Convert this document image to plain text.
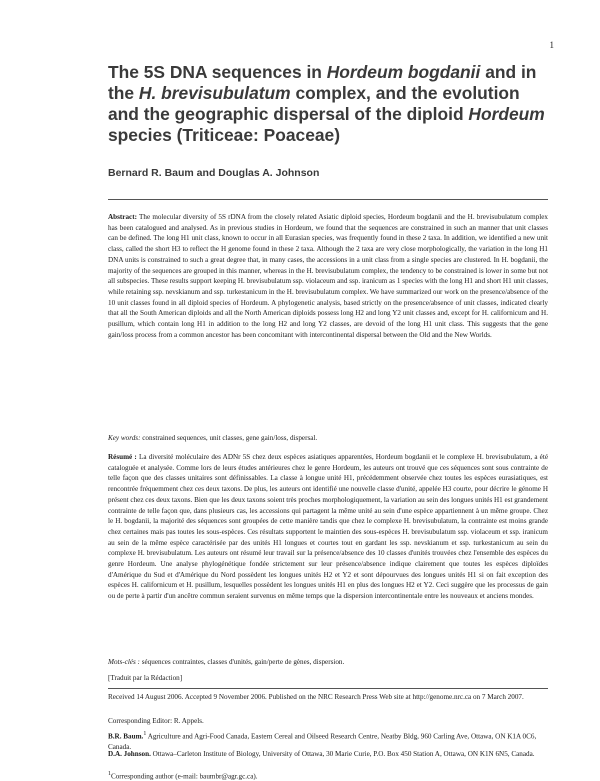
1
The 5S DNA sequences in Hordeum bogdanii and in the H. brevisubulatum complex, and the evolution and the geographic dispersal of the diploid Hordeum species (Triticeae: Poaceae)
Bernard R. Baum and Douglas A. Johnson
Abstract: The molecular diversity of 5S rDNA from the closely related Asiatic diploid species, Hordeum bogdanii and the H. brevisubulatum complex has been catalogued and analysed. As in previous studies in Hordeum, we found that the sequences are constrained in such an manner that unit classes can be defined. The long H1 unit class, known to occur in all Eurasian species, was frequently found in these 2 taxa. In addition, we identified a new unit class, called the short H3 to reflect the H genome found in these 2 taxa. Although the 2 taxa are very close morphologically, the variation in the long H1 DNA units is constrained to such a great degree that, in many cases, the accessions in a unit class from a single species are clustered. In H. bogdanii, the majority of the sequences are grouped in this manner, whereas in the H. brevisubulatum complex, the tendency to be constrained is lower in some but not all subspecies. These results support keeping H. brevisubulatum ssp. violaceum and ssp. iranicum as 1 species with the long H1 and short H1 unit classes, while retaining ssp. nevskianum and ssp. turkestanicum in the H. brevisubulatum complex. We have summarized our work on the presence/absence of the 10 unit classes found in all diploid species of Hordeum. A phylogenetic analysis, based strictly on the presence/absence of unit classes, indicated clearly that all the South American diploids and all the North American diploids possess long H2 and long Y2 unit classes and, except for H. californicum and H. pusillum, which contain long H1 in addition to the long H2 and long Y2 classes, are devoid of the long H1 unit class. This suggests that the gene gain/loss process from a common ancestor has been concomitant with intercontinental dispersal between the Old and the New Worlds.
Key words: constrained sequences, unit classes, gene gain/loss, dispersal.
Résumé : La diversité moléculaire des ADNr 5S chez deux espèces asiatiques apparentées, Hordeum bogdanii et le complexe H. brevisubulatum, a été cataloguée et analysée. Comme lors de leurs études antérieures chez le genre Hordeum, les auteurs ont trouvé que ces séquences sont sous contrainte de telle façon que des classes unitaires sont définissables. La classe à longue unité H1, précédemment observée chez toutes les espèces eurasiatiques, est rencontrée fréquemment chez ces deux taxons. De plus, les auteurs ont identifié une nouvelle classe d'unité, appelée H3 courte, pour décrire le génome H présent chez ces deux taxons. Bien que les deux taxons soient très proches morphologiquement, la variation au sein des longues unités H1 est grandement contrainte de telle façon que, dans plusieurs cas, les accessions qui partagent la même unité au sein d'une espèce appartiennent à un même groupe. Chez le H. bogdanii, la majorité des séquences sont groupées de cette manière tandis que chez le complexe H. brevisubulatum, la contrainte est moins grande chez certaines mais pas toutes les sous-espèces. Ces résultats supportent le maintien des sous-espèces H. brevisubulatum ssp. violaceum et ssp. iranicum au sein de la même espèce caractérisée par des unités H1 longues et courtes tout en gardant les ssp. nevskianum et ssp. turkestanicum au sein du complexe H. brevisubulatum. Les auteurs ont résumé leur travail sur la présence/absence des 10 classes d'unités trouvées chez l'ensemble des espèces du genre Hordeum. Une analyse phylogénétique fondée strictement sur leur présence/absence indique clairement que toutes les espèces diploïdes d'Amérique du Sud et d'Amérique du Nord possèdent les longues unités H2 et Y2 et sont dépourvues des longues unités H1 si on fait exception des espèces H. californicum et H. pusillum, lesquelles possèdent les longues unités H1 en plus des longues H2 et Y2. Ceci suggère que les processus de gain ou de perte à partir d'un ancêtre commun seraient survenus en même temps que la dispersion intercontinentale entre les nouveaux et anciens mondes.
Mots-clés : séquences contraintes, classes d'unités, gain/perte de gènes, dispersion.
[Traduit par la Rédaction]
Received 14 August 2006. Accepted 9 November 2006. Published on the NRC Research Press Web site at http://genome.nrc.ca on 7 March 2007.
Corresponding Editor: R. Appels.
B.R. Baum.$^1$ Agriculture and Agri-Food Canada, Eastern Cereal and Oilseed Research Centre, Neatby Bldg, 960 Carling Ave, Ottawa, ON K1A 0C6, Canada.
D.A. Johnson. Ottawa–Carleton Institute of Biology, University of Ottawa, 30 Marie Curie, P.O. Box 450 Station A, Ottawa, ON K1N 6N5, Canada.
$^1$Corresponding author (e-mail: baumbr@agr.gc.ca).
